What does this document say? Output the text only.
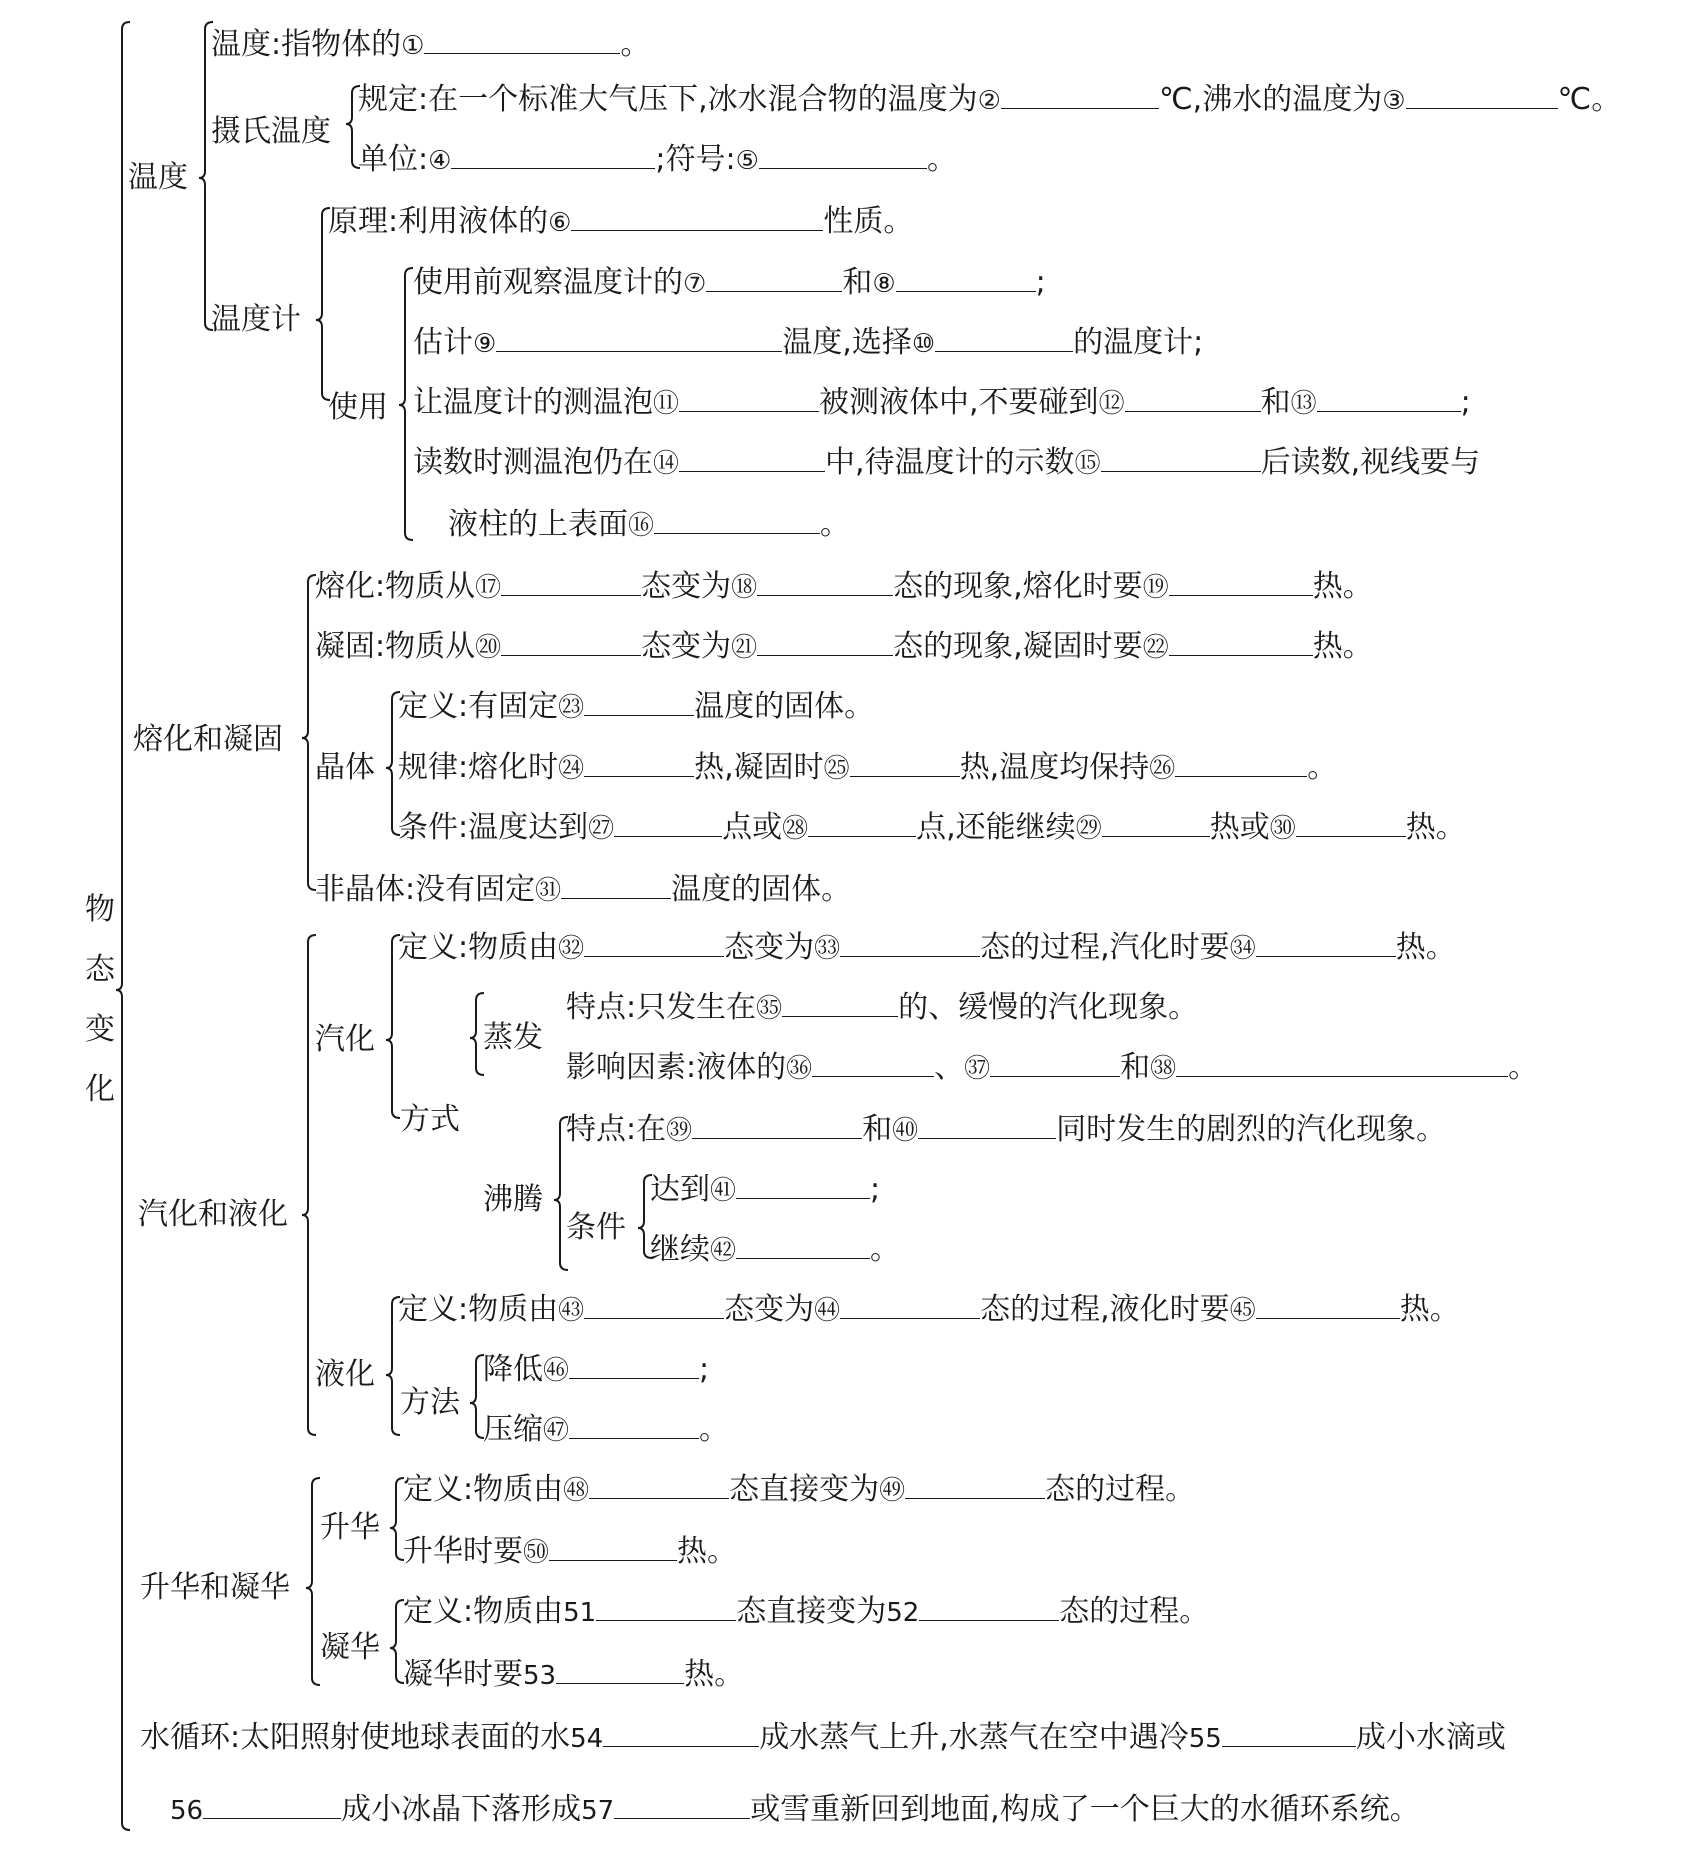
物
态
变
化
温度
温度:指物体的①	。
摄氏温度
规定:在一个标准大气压下,冰水混合物的温度为②	℃,沸水的温度为③	℃。
单位:④	;符号:⑤	。
温度计
原理:利用液体的⑥	性质。
使用
使用前观察温度计的⑦	和⑧	;
估计⑨	温度,选择⑩	的温度计;
让温度计的测温泡⑪	被测液体中,不要碰到⑫	和⑬	;
读数时测温泡仍在⑭	中,待温度计的示数⑮	后读数,视线要与
液柱的上表面⑯	。
熔化和凝固
熔化:物质从⑰	态变为⑱	态的现象,熔化时要⑲	热。
凝固:物质从⑳	态变为㉑	态的现象,凝固时要㉒	热。
晶体
定义:有固定㉓	温度的固体。
规律:熔化时㉔	热,凝固时㉕	热,温度均保持㉖	。
条件:温度达到㉗	点或㉘	点,还能继续㉙	热或㉚	热。
非晶体:没有固定㉛	温度的固体。
汽化和液化
汽化
定义:物质由㉜	态变为㉝	态的过程,汽化时要㉞	热。
方式
蒸发
特点:只发生在㉟	的、缓慢的汽化现象。
影响因素:液体的㊱	、㊲	和㊳	。
沸腾
特点:在㊴	和㊵	同时发生的剧烈的汽化现象。
条件
达到㊶	;
继续㊷	。
液化
定义:物质由㊸	态变为㊹	态的过程,液化时要㊺	热。
方法
降低㊻	;
压缩㊼	。
升华和凝华
升华
定义:物质由㊽	态直接变为㊾	态的过程。
升华时要㊿	热。
凝华
定义:物质由51	态直接变为52	态的过程。
凝华时要53	热。
水循环:太阳照射使地球表面的水54	成水蒸气上升,水蒸气在空中遇冷55	成小水滴或
56	成小冰晶下落形成57	或雪重新回到地面,构成了一个巨大的水循环系统。
